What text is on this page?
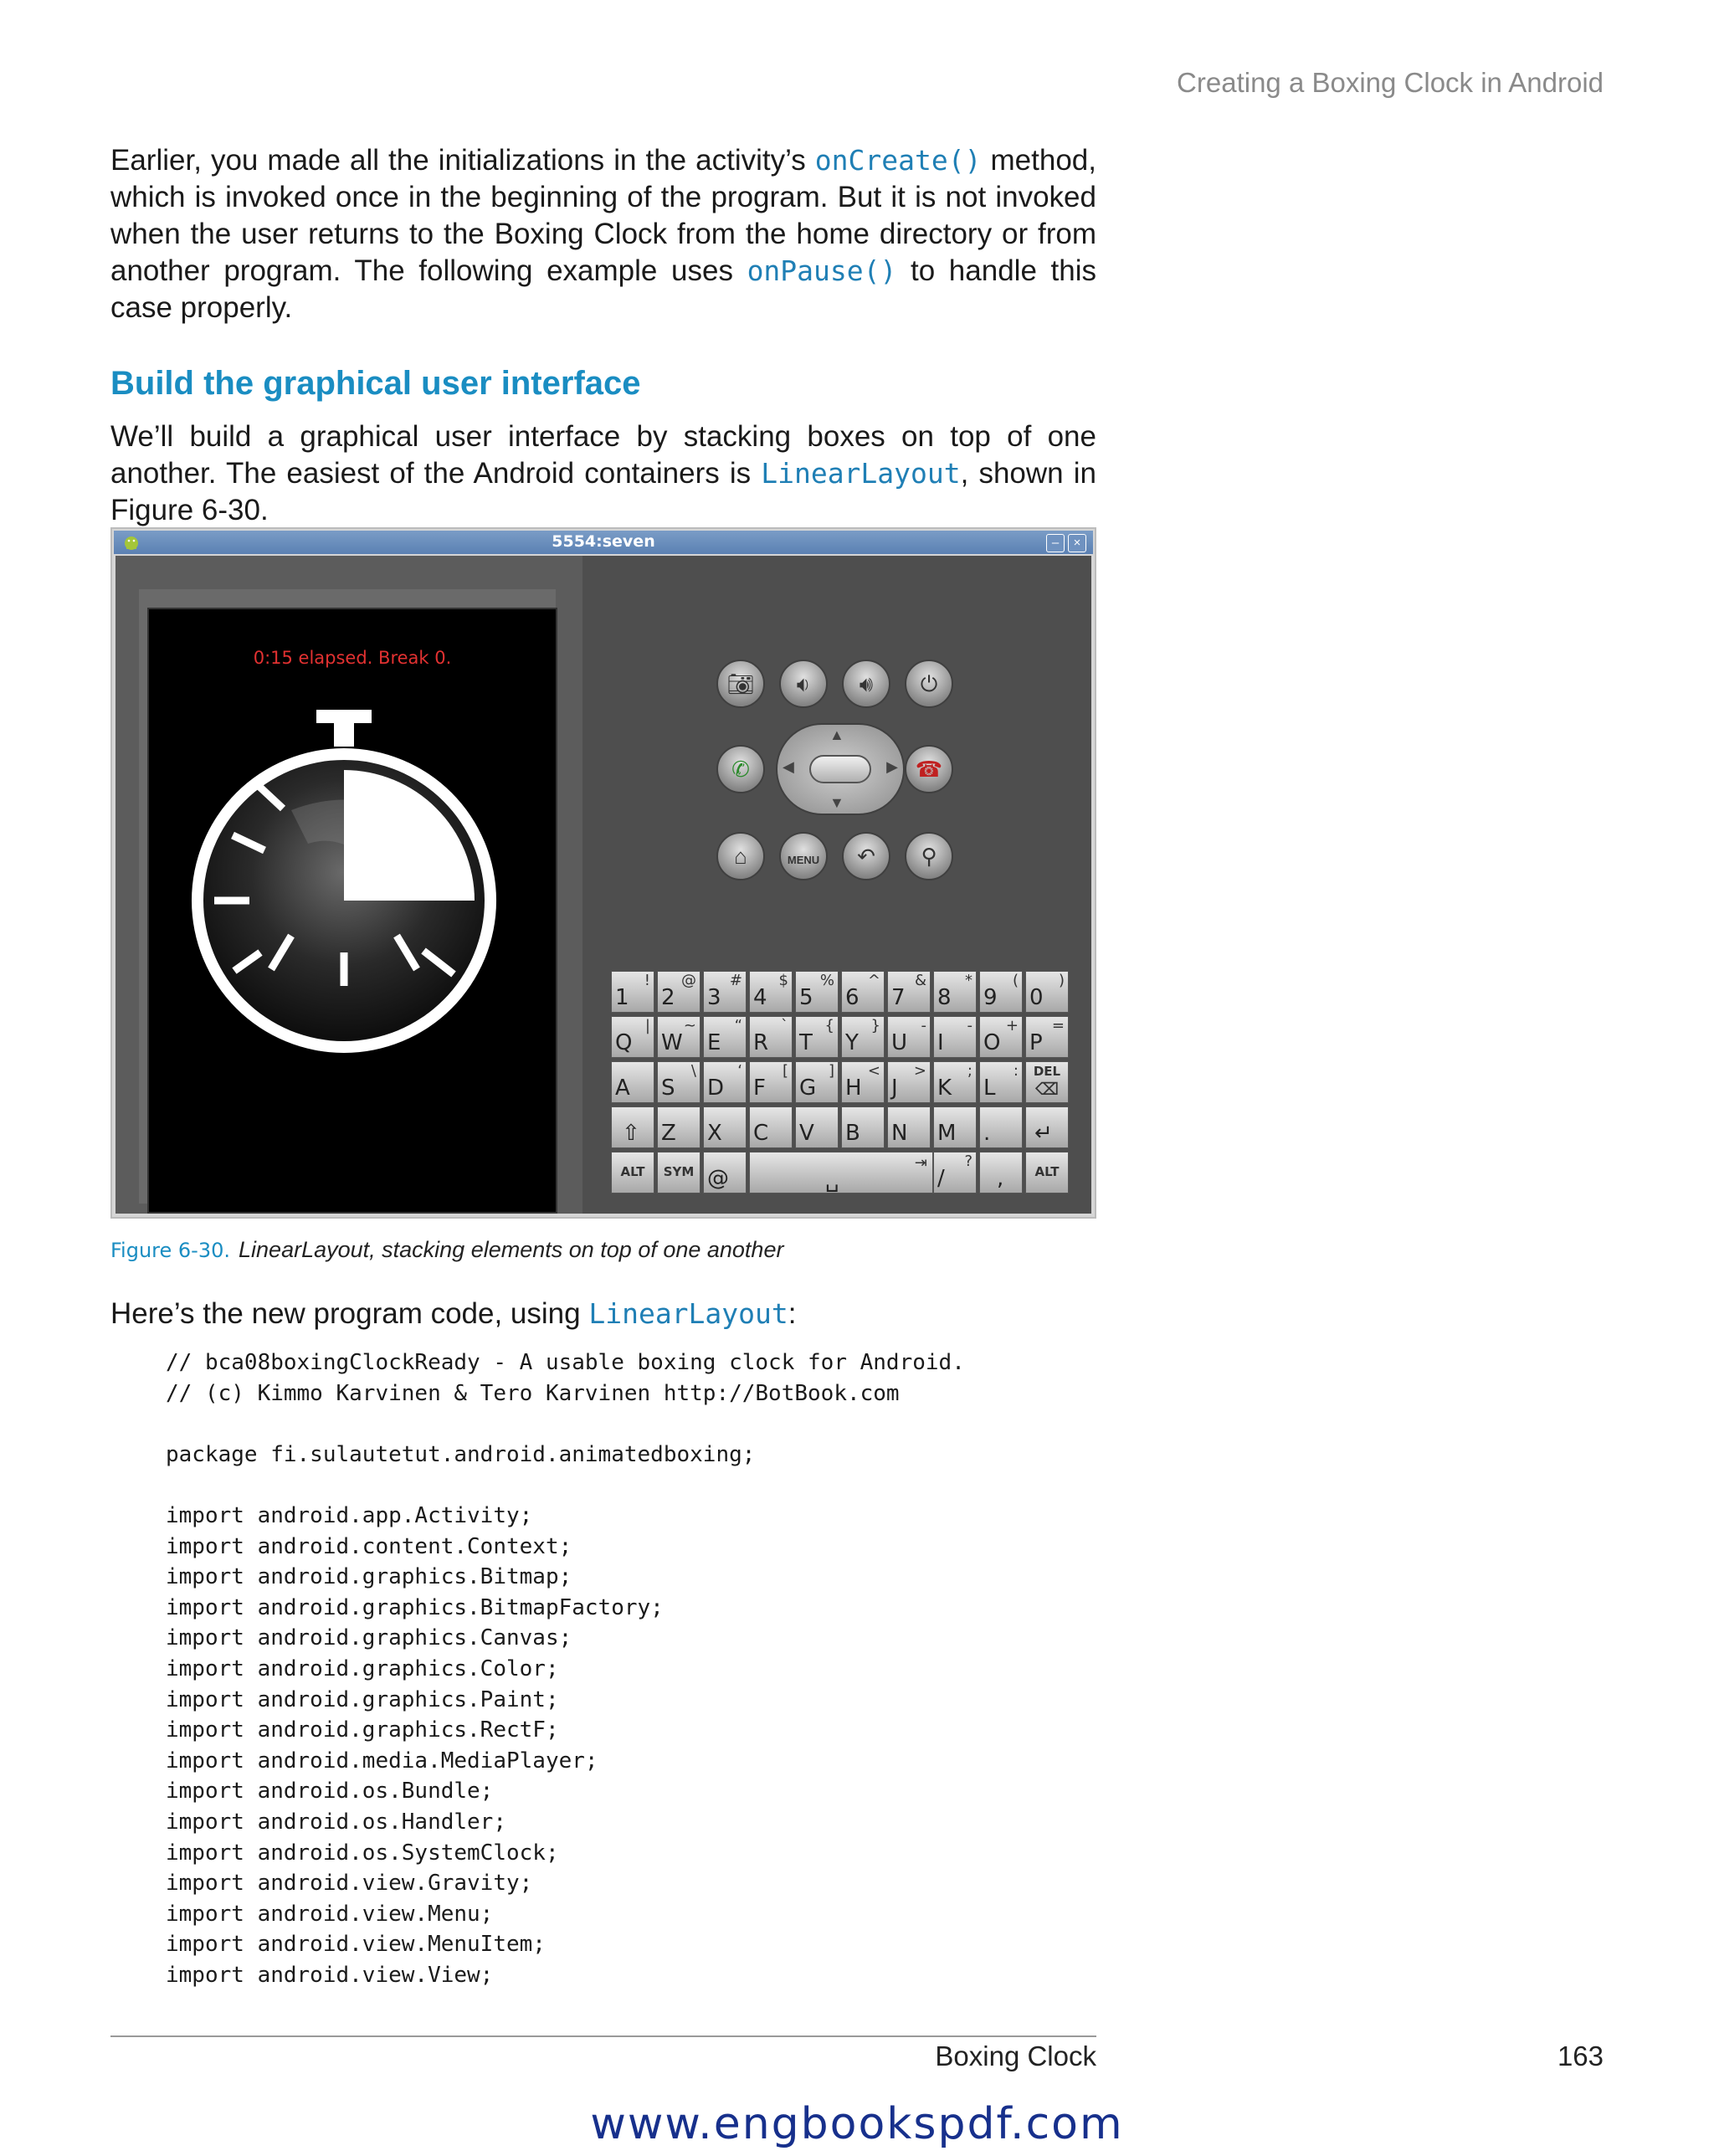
Creating a Boxing Clock in Android

Earlier, you made all the initializations in the activity’s onCreate() method, which is invoked once in the beginning of the program. But it is not invoked when the user returns to the Boxing Clock from the home directory or from another program. The following example uses onPause() to handle this case properly.

Build the graphical user interface

We’ll build a graphical user interface by stacking boxes on top of one another. The easiest of the Android containers is LinearLayout, shown in Figure 6-30.

5554:seven	–	×
0:15 elapsed. Break 0.
📷︎	🔉︎	🔊︎	⏻
✆
▲
▼
◀	▶ ☎
⌂	MENU	↶	⚲
1
!
2
@
3
#
4
$
5
%
6
^
7
&
8
*
9
(
0
)
Q
|
W
~
E
“
R
`
T
{
Y
}
U
-
I
-
O
+
P
=
A S
\
D
‘
F
[
G
]
H
<
J
>
K
;
L
:
Z X C V B N M .
DEL
⌫
⇧	↵
ALT	SYM @	␣
⇥
/
?
,	ALT
Figure 6-30. LinearLayout, stacking elements on top of one another

Here’s the new program code, using LinearLayout:

// bca08boxingClockReady - A usable boxing clock for Android.
// (c) Kimmo Karvinen & Tero Karvinen http://BotBook.com
package fi.sulautetut.android.animatedboxing;
import android.app.Activity;
import android.content.Context;
import android.graphics.Bitmap;
import android.graphics.BitmapFactory;
import android.graphics.Canvas;
import android.graphics.Color;
import android.graphics.Paint;
import android.graphics.RectF;
import android.media.MediaPlayer;
import android.os.Bundle;
import android.os.Handler;
import android.os.SystemClock;
import android.view.Gravity;
import android.view.Menu;
import android.view.MenuItem;
import android.view.View;
Boxing Clock	163
www.engbookspdf.com
